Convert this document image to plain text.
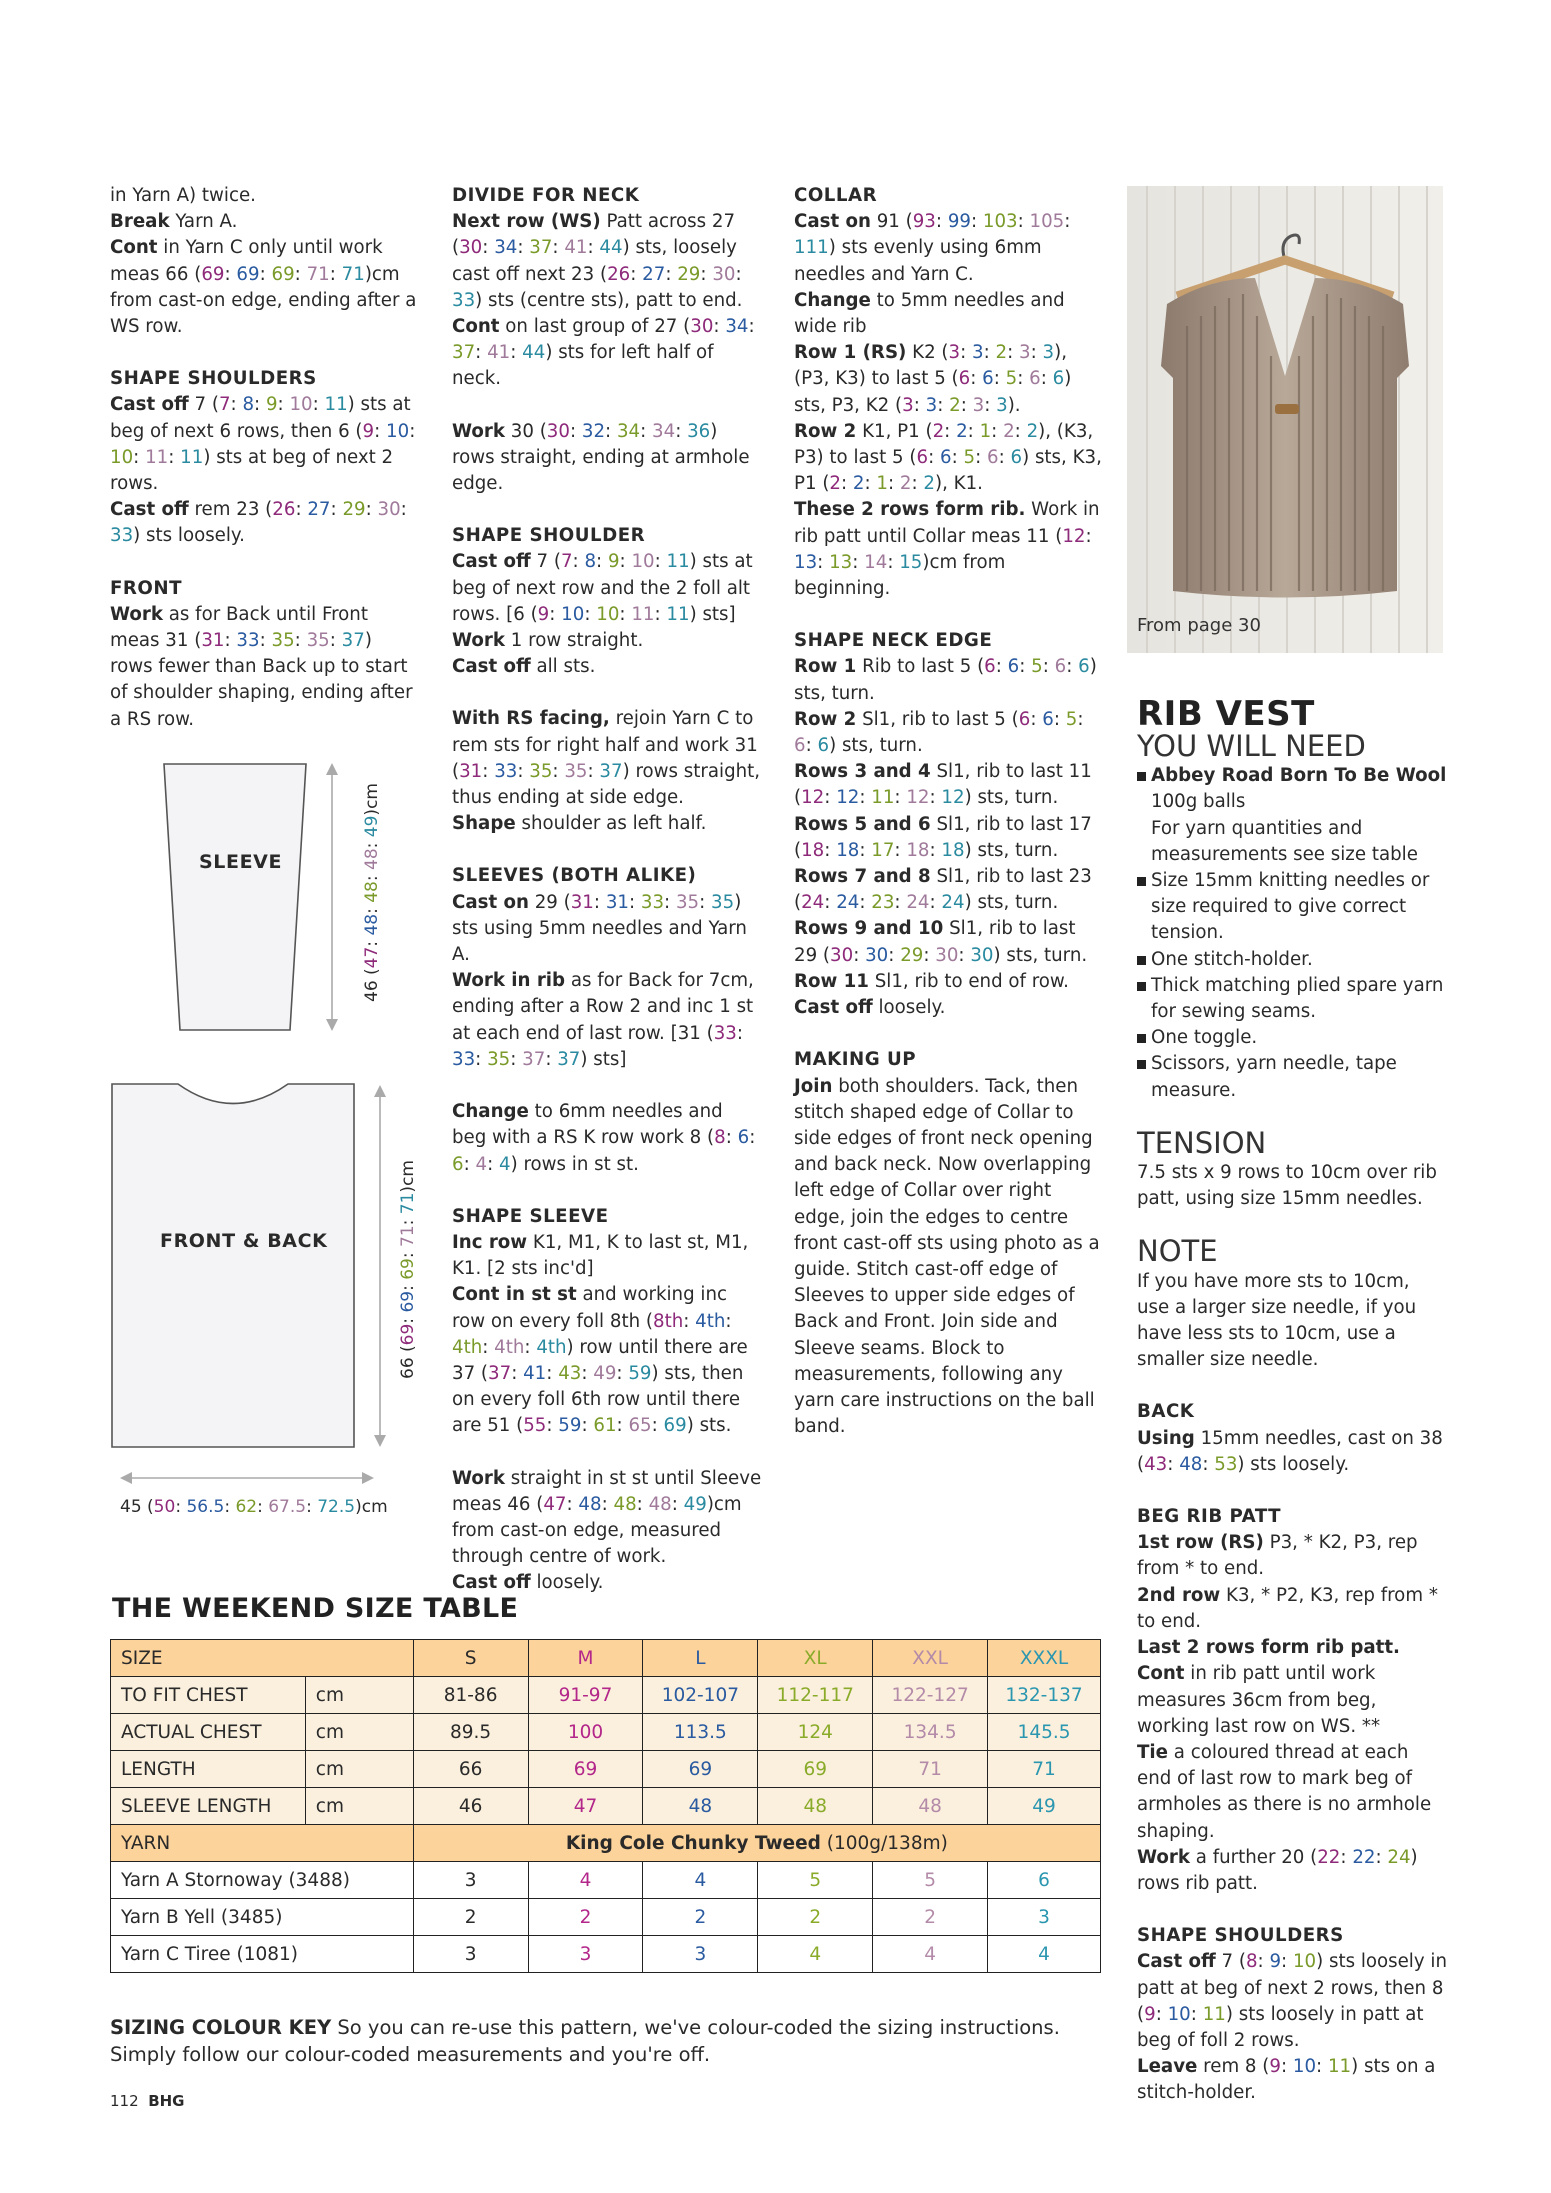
in Yarn A) twice.
Break Yarn A.
Cont in Yarn C only until work meas 66 (69: 69: 69: 71: 71)cm from cast-on edge, ending after a WS row.

SHAPE SHOULDERS
Cast off 7 (7: 8: 9: 10: 11) sts at beg of next 6 rows, then 6 (9: 10: 10: 11: 11) sts at beg of next 2 rows.
Cast off rem 23 (26: 27: 29: 30: 33) sts loosely.

FRONT
Work as for Back until Front meas 31 (31: 33: 35: 35: 37) rows fewer than Back up to start of shoulder shaping, ending after a RS row.

SLEEVE
46 (47: 48: 48: 48: 49)cm
FRONT & BACK
66 (69: 69: 69: 71: 71)cm
45 (50: 56.5: 62: 67.5: 72.5)cm

DIVIDE FOR NECK
Next row (WS) Patt across 27 (30: 34: 37: 41: 44) sts, loosely cast off next 23 (26: 27: 29: 30: 33) sts (centre sts), patt to end.
Cont on last group of 27 (30: 34: 37: 41: 44) sts for left half of neck.

Work 30 (30: 32: 34: 34: 36) rows straight, ending at armhole edge.

SHAPE SHOULDER
Cast off 7 (7: 8: 9: 10: 11) sts at beg of next row and the 2 foll alt rows. [6 (9: 10: 10: 11: 11) sts]
Work 1 row straight.
Cast off all sts.

With RS facing, rejoin Yarn C to rem sts for right half and work 31 (31: 33: 35: 35: 37) rows straight, thus ending at side edge.
Shape shoulder as left half.

SLEEVES (BOTH ALIKE)
Cast on 29 (31: 31: 33: 35: 35) sts using 5mm needles and Yarn A.
Work in rib as for Back for 7cm, ending after a Row 2 and inc 1 st at each end of last row. [31 (33: 33: 35: 37: 37) sts]

Change to 6mm needles and beg with a RS K row work 8 (8: 6: 6: 4: 4) rows in st st.

SHAPE SLEEVE
Inc row K1, M1, K to last st, M1, K1. [2 sts inc'd]
Cont in st st and working inc row on every foll 8th (8th: 4th: 4th: 4th: 4th) row until there are 37 (37: 41: 43: 49: 59) sts, then on every foll 6th row until there are 51 (55: 59: 61: 65: 69) sts.

Work straight in st st until Sleeve meas 46 (47: 48: 48: 48: 49)cm from cast-on edge, measured through centre of work.
Cast off loosely.

COLLAR
Cast on 91 (93: 99: 103: 105: 111) sts evenly using 6mm needles and Yarn C.
Change to 5mm needles and wide rib
Row 1 (RS) K2 (3: 3: 2: 3: 3), (P3, K3) to last 5 (6: 6: 5: 6: 6) sts, P3, K2 (3: 3: 2: 3: 3).
Row 2 K1, P1 (2: 2: 1: 2: 2), (K3, P3) to last 5 (6: 6: 5: 6: 6) sts, K3, P1 (2: 2: 1: 2: 2), K1.
These 2 rows form rib. Work in rib patt until Collar meas 11 (12: 13: 13: 14: 15)cm from beginning.

SHAPE NECK EDGE
Row 1 Rib to last 5 (6: 6: 5: 6: 6) sts, turn.
Row 2 Sl1, rib to last 5 (6: 6: 5: 6: 6) sts, turn.
Rows 3 and 4 Sl1, rib to last 11 (12: 12: 11: 12: 12) sts, turn.
Rows 5 and 6 Sl1, rib to last 17 (18: 18: 17: 18: 18) sts, turn.
Rows 7 and 8 Sl1, rib to last 23 (24: 24: 23: 24: 24) sts, turn.
Rows 9 and 10 Sl1, rib to last 29 (30: 30: 29: 30: 30) sts, turn.
Row 11 Sl1, rib to end of row.
Cast off loosely.

MAKING UP
Join both shoulders. Tack, then stitch shaped edge of Collar to side edges of front neck opening and back neck. Now overlapping left edge of Collar over right edge, join the edges to centre front cast-off sts using photo as a guide. Stitch cast-off edge of Sleeves to upper side edges of Back and Front. Join side and Sleeve seams. Block to measurements, following any yarn care instructions on the ball band.

From page 30
RIB VEST

YOU WILL NEED
Abbey Road Born To Be Wool 100g balls
For yarn quantities and measurements see size table
Size 15mm knitting needles or size required to give correct tension.
One stitch-holder.
Thick matching plied spare yarn for sewing seams.
One toggle.
Scissors, yarn needle, tape measure.

TENSION
7.5 sts x 9 rows to 10cm over rib patt, using size 15mm needles.

NOTE
If you have more sts to 10cm, use a larger size needle, if you have less sts to 10cm, use a smaller size needle.

BACK
Using 15mm needles, cast on 38 (43: 48: 53) sts loosely.

BEG RIB PATT
1st row (RS) P3, * K2, P3, rep from * to end.
2nd row K3, * P2, K3, rep from * to end.
Last 2 rows form rib patt.
Cont in rib patt until work measures 36cm from beg, working last row on WS. **
Tie a coloured thread at each end of last row to mark beg of armholes as there is no armhole shaping.
Work a further 20 (22: 22: 24) rows rib patt.

SHAPE SHOULDERS
Cast off 7 (8: 9: 10) sts loosely in patt at beg of next 2 rows, then 8 (9: 10: 11) sts loosely in patt at beg of foll 2 rows.
Leave rem 8 (9: 10: 11) sts on a stitch-holder.

THE WEEKEND SIZE TABLE
SIZE		S	M	L	XL	XXL	XXXL
TO FIT CHEST	cm	81-86	91-97	102-107	112-117	122-127	132-137
ACTUAL CHEST	cm	89.5	100	113.5	124	134.5	145.5
LENGTH	cm	66	69	69	69	71	71
SLEEVE LENGTH	cm	46	47	48	48	48	49
YARN		King Cole Chunky Tweed (100g/138m)					
Yarn A Stornoway (3488)		3	4	4	5	5	6
Yarn B Yell (3485)		2	2	2	2	2	3
Yarn C Tiree (1081)		3	3	3	4	4	4
SIZING COLOUR KEY So you can re-use this pattern, we've colour-coded the sizing instructions. Simply follow our colour-coded measurements and you're off.
112 BHG
